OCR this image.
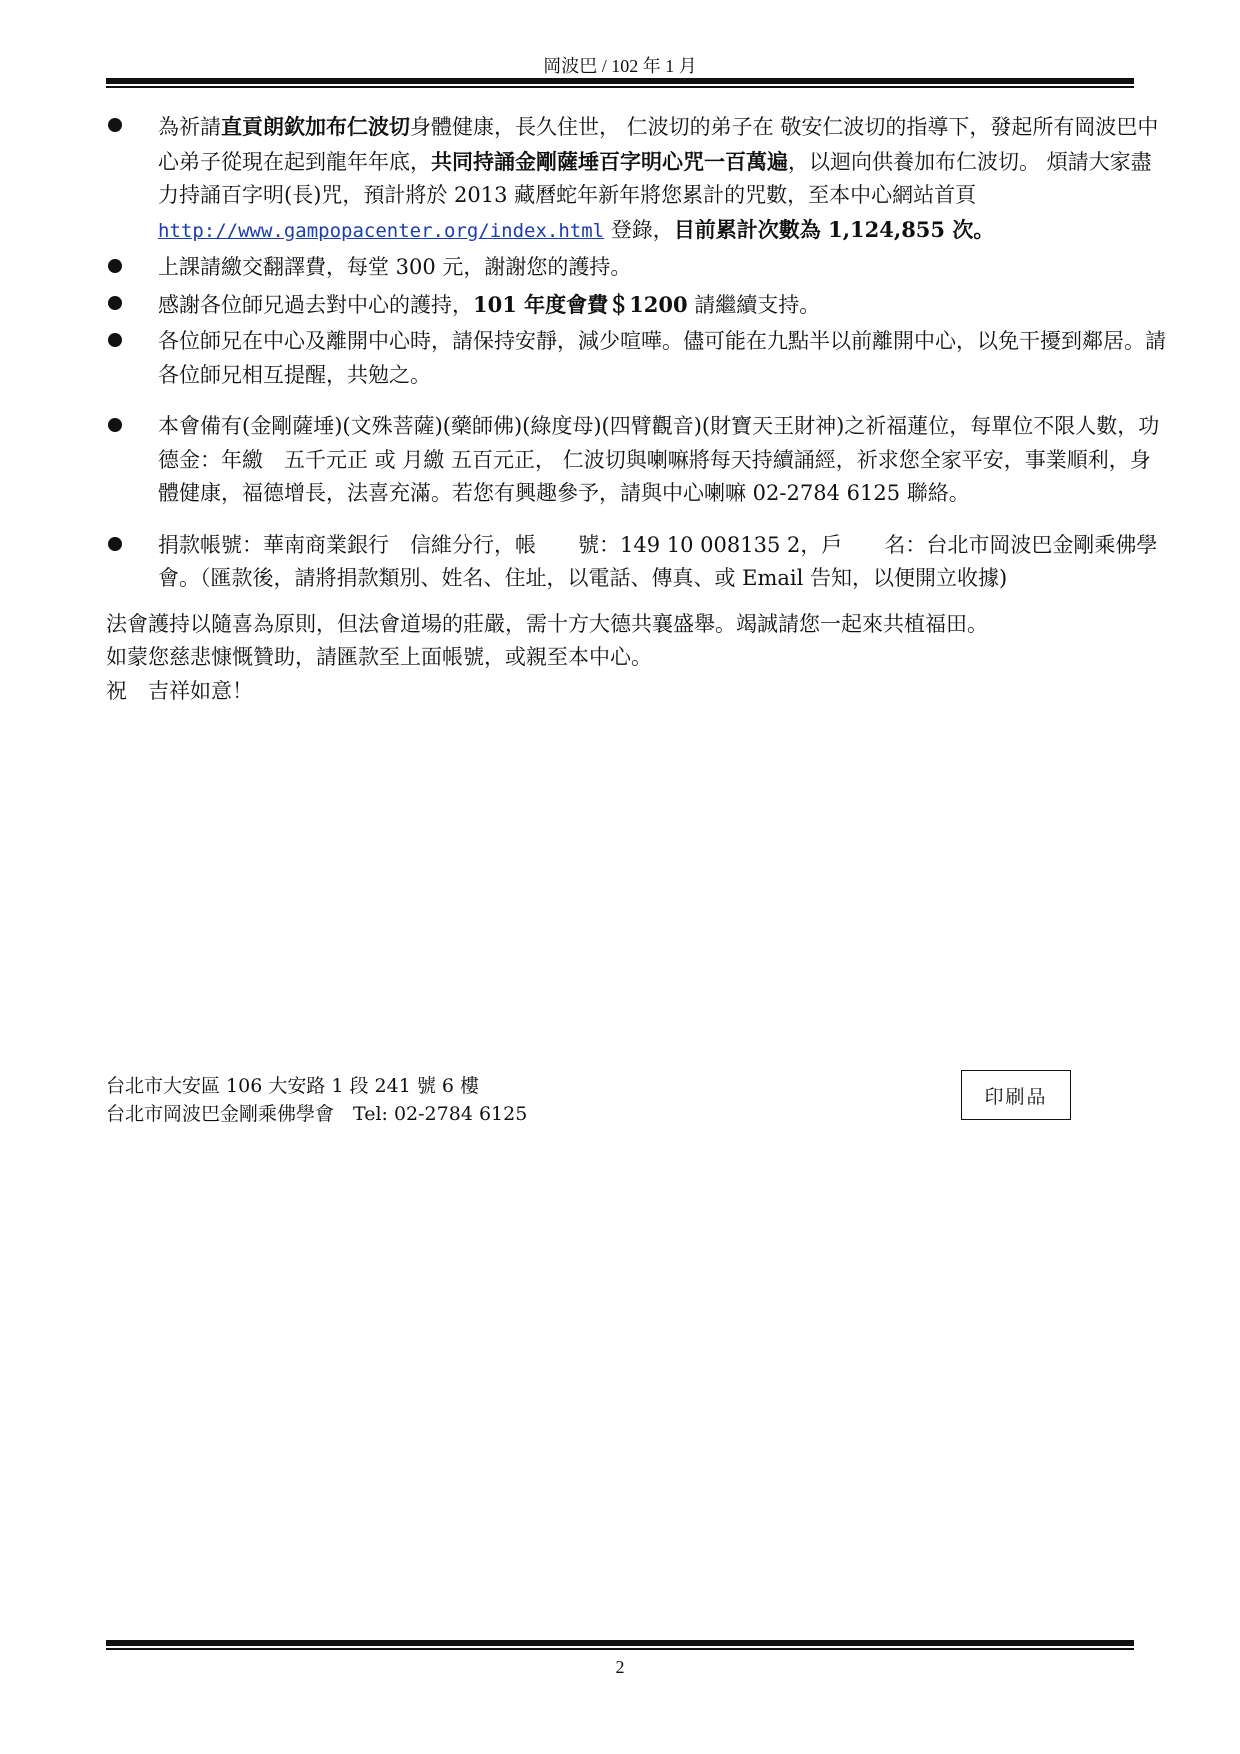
岡波巴 / 102 年 1 月
為祈請直貢朗欽加布仁波切身體健康，長久住世， 仁波切的弟子在 敬安仁波切的指導下，發起所有岡波巴中心弟子從現在起到龍年年底，共同持誦金剛薩埵百字明心咒一百萬遍，以迴向供養加布仁波切。 煩請大家盡力持誦百字明(長)咒，預計將於 2013 藏曆蛇年新年將您累計的咒數，至本中心網站首頁 http://www.gampopacenter.org/index.html 登錄，目前累計次數為 1,124,855 次。
上課請繳交翻譯費，每堂 300 元，謝謝您的護持。
感謝各位師兄過去對中心的護持，101 年度會費＄1200 請繼續支持。
各位師兄在中心及離開中心時，請保持安靜，減少喧嘩。儘可能在九點半以前離開中心，以免干擾到鄰居。請各位師兄相互提醒，共勉之。
本會備有(金剛薩埵)(文殊菩薩)(藥師佛)(綠度母)(四臂觀音)(財寶天王財神)之祈福蓮位，每單位不限人數，功德金：年繳　五千元正 或 月繳 五百元正， 仁波切與喇嘛將每天持續誦經，祈求您全家平安，事業順利，身體健康，福德增長，法喜充滿。若您有興趣參予，請與中心喇嘛 02-2784 6125 聯絡。
捐款帳號：華南商業銀行　信維分行，帳　　號：149 10 008135 2，戶　　名：台北市岡波巴金剛乘佛學會。（匯款後，請將捐款類別、姓名、住址，以電話、傳真、或 Email 告知，以便開立收據)

法會護持以隨喜為原則，但法會道場的莊嚴，需十方大德共襄盛舉。竭誠請您一起來共植福田。

如蒙您慈悲慷慨贊助，請匯款至上面帳號，或親至本中心。

祝　吉祥如意！

台北市大安區 106 大安路 1 段 241 號 6 樓

台北市岡波巴金剛乘佛學會　Tel: 02-2784 6125

印刷品
2
